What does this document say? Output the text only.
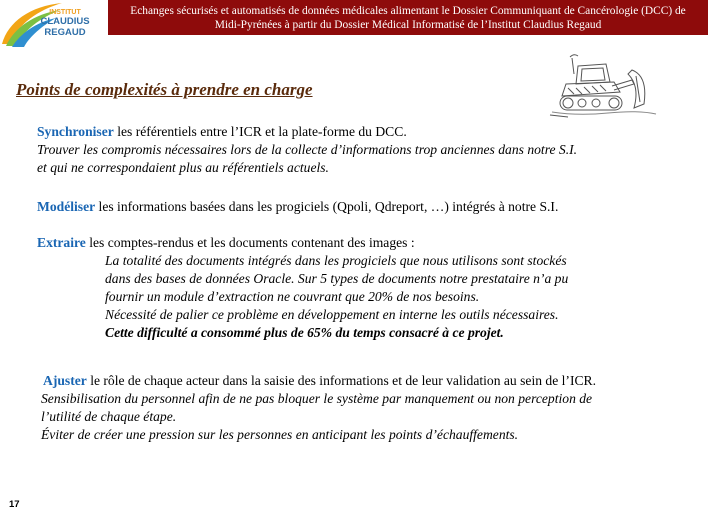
INSTITUT
CLAUDIUS
REGAUD
Echanges sécurisés et automatisés de données médicales alimentant le Dossier Communiquant de Cancérologie (DCC) de
Midi-Pyrénées à partir du Dossier Médical Informatisé de l’Institut Claudius Regaud
Points de complexités à prendre en charge
Synchroniser les référentiels entre l’ICR et la plate-forme du DCC.
Trouver les compromis nécessaires lors de la collecte d’informations trop anciennes dans notre S.I.
et qui ne correspondaient plus au référentiels actuels.
Modéliser les informations basées dans les progiciels (Qpoli, Qdreport, …) intégrés à notre S.I.
Extraire les comptes-rendus et les documents contenant des images :
La totalité des documents intégrés dans les progiciels que nous utilisons sont stockés
dans des bases de données Oracle. Sur 5 types de documents notre prestataire n’a pu
fournir un module d’extraction ne couvrant que 20% de nos besoins.
Nécessité de palier ce problème en développement en interne les outils nécessaires.
Cette difficulté a consommé plus de 65% du temps consacré à ce projet.
Ajuster le rôle de chaque acteur dans la saisie des informations et de leur validation au sein de l’ICR.
Sensibilisation du personnel afin de ne pas bloquer le système par manquement ou non perception de
l’utilité de chaque étape.
Éviter de créer une pression sur les personnes en anticipant les points d’échauffements.
17
